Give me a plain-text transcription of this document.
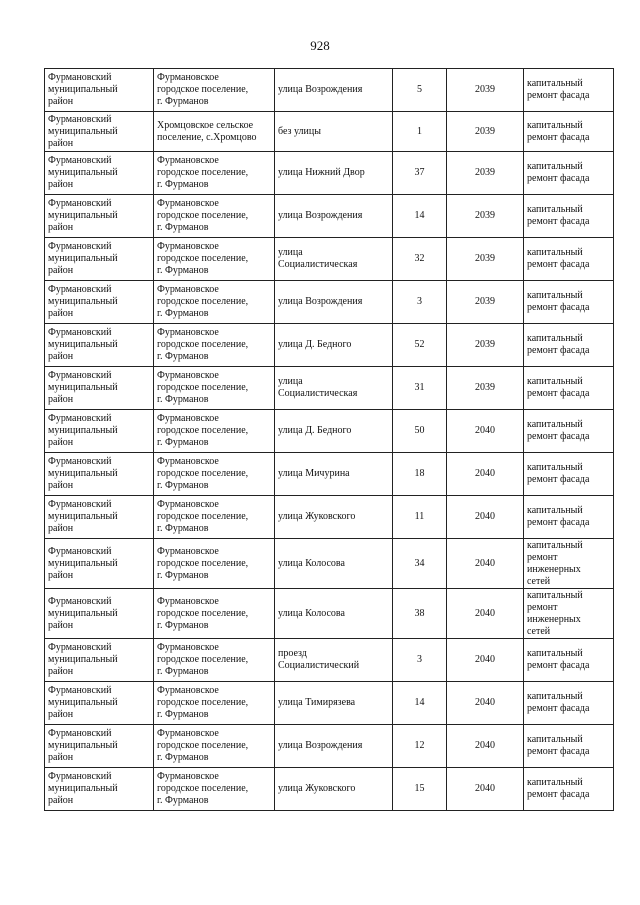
928
Фурмановский
муниципальный
район	Фурмановское
городское поселение,
г. Фурманов	улица Возрождения	5	2039	капитальный
ремонт фасада
Фурмановский
муниципальный
район	Хромцовское сельское
поселение, с.Хромцово	без улицы	1	2039	капитальный
ремонт фасада
Фурмановский
муниципальный
район	Фурмановское
городское поселение,
г. Фурманов	улица Нижний Двор	37	2039	капитальный
ремонт фасада
Фурмановский
муниципальный
район	Фурмановское
городское поселение,
г. Фурманов	улица Возрождения	14	2039	капитальный
ремонт фасада
Фурмановский
муниципальный
район	Фурмановское
городское поселение,
г. Фурманов	улица
Социалистическая	32	2039	капитальный
ремонт фасада
Фурмановский
муниципальный
район	Фурмановское
городское поселение,
г. Фурманов	улица Возрождения	3	2039	капитальный
ремонт фасада
Фурмановский
муниципальный
район	Фурмановское
городское поселение,
г. Фурманов	улица Д. Бедного	52	2039	капитальный
ремонт фасада
Фурмановский
муниципальный
район	Фурмановское
городское поселение,
г. Фурманов	улица
Социалистическая	31	2039	капитальный
ремонт фасада
Фурмановский
муниципальный
район	Фурмановское
городское поселение,
г. Фурманов	улица Д. Бедного	50	2040	капитальный
ремонт фасада
Фурмановский
муниципальный
район	Фурмановское
городское поселение,
г. Фурманов	улица Мичурина	18	2040	капитальный
ремонт фасада
Фурмановский
муниципальный
район	Фурмановское
городское поселение,
г. Фурманов	улица Жуковского	11	2040	капитальный
ремонт фасада
Фурмановский
муниципальный
район	Фурмановское
городское поселение,
г. Фурманов	улица Колосова	34	2040	капитальный
ремонт
инженерных
сетей
Фурмановский
муниципальный
район	Фурмановское
городское поселение,
г. Фурманов	улица Колосова	38	2040	капитальный
ремонт
инженерных
сетей
Фурмановский
муниципальный
район	Фурмановское
городское поселение,
г. Фурманов	проезд
Социалистический	3	2040	капитальный
ремонт фасада
Фурмановский
муниципальный
район	Фурмановское
городское поселение,
г. Фурманов	улица Тимирязева	14	2040	капитальный
ремонт фасада
Фурмановский
муниципальный
район	Фурмановское
городское поселение,
г. Фурманов	улица Возрождения	12	2040	капитальный
ремонт фасада
Фурмановский
муниципальный
район	Фурмановское
городское поселение,
г. Фурманов	улица Жуковского	15	2040	капитальный
ремонт фасада
